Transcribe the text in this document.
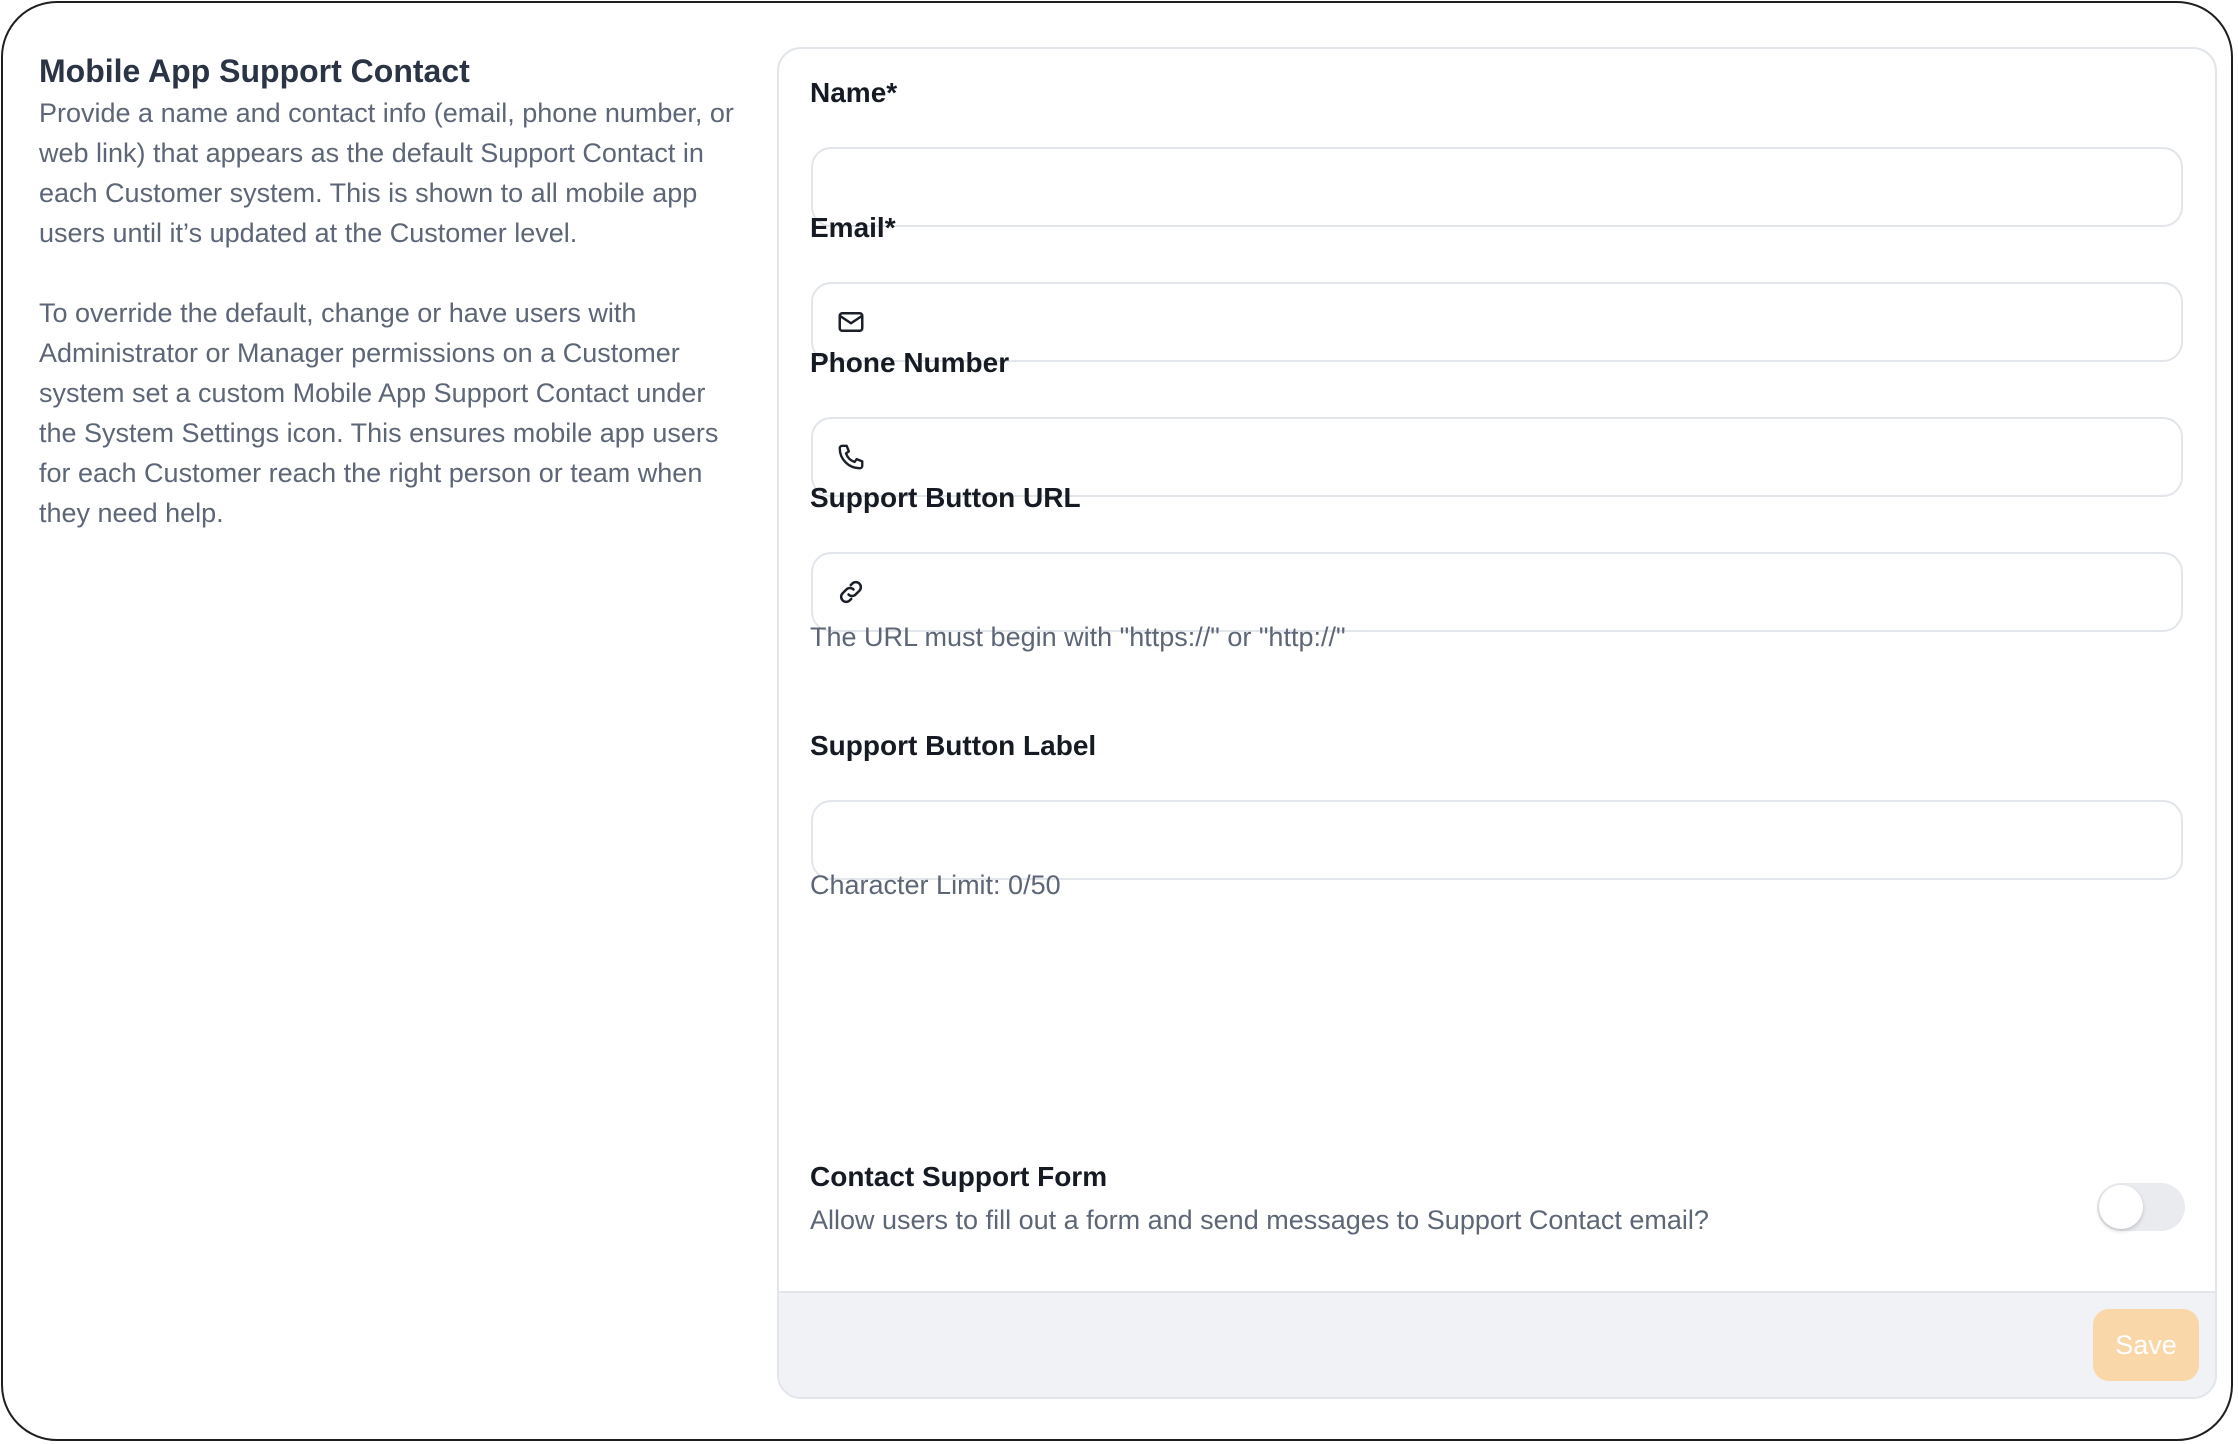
Mobile App Support Contact

Provide a name and contact info (email, phone number, or web link) that appears as the default Support Contact in each Customer system. This is shown to all mobile app users until it’s updated at the Customer level.

To override the default, change or have users with Administrator or Manager permissions on a Customer system set a custom Mobile App Support Contact under the System Settings icon. This ensures mobile app users for each Customer reach the right person or team when they need help.

Name*
Email*
Phone Number
Support Button URL
The URL must begin with "https://" or "http://"
Support Button Label
Character Limit: 0/50
Contact Support Form
Allow users to fill out a form and send messages to Support Contact email?
Save
